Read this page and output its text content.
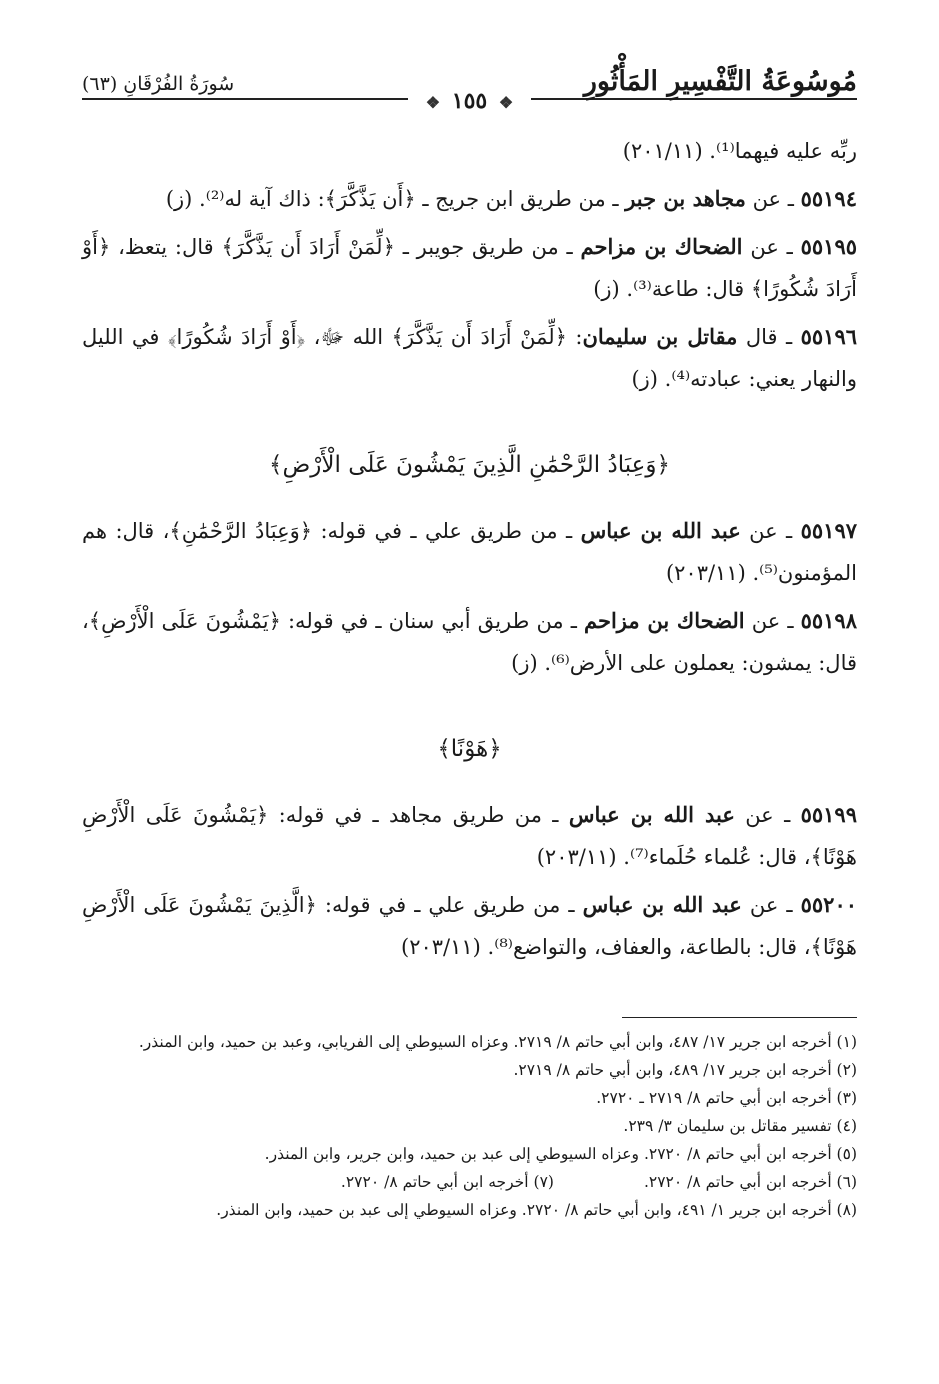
مُوسُوعَةُ التَّفْسِيرِ المَأْثُورِ
سُورَةُ الفُرْقَانِ (٦٣)
❖ ١٥٥ ❖

ربِّه عليه فيهما⁽¹⁾. (٢٠١/١١)

٥٥١٩٤ ـ عن مجاهد بن جبر ـ من طريق ابن جريج ـ ﴿أَن يَذَّكَّرَ﴾: ذاك آية له⁽²⁾. (ز)

٥٥١٩٥ ـ عن الضحاك بن مزاحم ـ من طريق جويبر ـ ﴿لِّمَنْ أَرَادَ أَن يَذَّكَّرَ﴾ قال: يتعظ، ﴿أَوْ أَرَادَ شُكُورًا﴾ قال: طاعة⁽³⁾. (ز)

٥٥١٩٦ ـ قال مقاتل بن سليمان: ﴿لِّمَنْ أَرَادَ أَن يَذَّكَّرَ﴾ الله ﷻ، ﴿أَوْ أَرَادَ شُكُورًا﴾ في الليل والنهار يعني: عبادته⁽⁴⁾. (ز)

﴿وَعِبَادُ الرَّحْمَٰنِ الَّذِينَ يَمْشُونَ عَلَى الْأَرْضِ﴾

٥٥١٩٧ ـ عن عبد الله بن عباس ـ من طريق علي ـ في قوله: ﴿وَعِبَادُ الرَّحْمَٰنِ﴾، قال: هم المؤمنون⁽⁵⁾. (٢٠٣/١١)

٥٥١٩٨ ـ عن الضحاك بن مزاحم ـ من طريق أبي سنان ـ في قوله: ﴿يَمْشُونَ عَلَى الْأَرْضِ﴾، قال: يمشون: يعملون على الأرض⁽⁶⁾. (ز)

﴿هَوْنًا﴾

٥٥١٩٩ ـ عن عبد الله بن عباس ـ من طريق مجاهد ـ في قوله: ﴿يَمْشُونَ عَلَى الْأَرْضِ هَوْنًا﴾، قال: عُلماء حُلَماء⁽⁷⁾. (٢٠٣/١١)

٥٥٢٠٠ ـ عن عبد الله بن عباس ـ من طريق علي ـ في قوله: ﴿الَّذِينَ يَمْشُونَ عَلَى الْأَرْضِ هَوْنًا﴾، قال: بالطاعة، والعفاف، والتواضع⁽⁸⁾. (٢٠٣/١١)

(١) أخرجه ابن جرير ١٧/ ٤٨٧، وابن أبي حاتم ٨/ ٢٧١٩. وعزاه السيوطي إلى الفريابي، وعبد بن حميد، وابن المنذر.

(٢) أخرجه ابن جرير ١٧/ ٤٨٩، وابن أبي حاتم ٨/ ٢٧١٩.

(٣) أخرجه ابن أبي حاتم ٨/ ٢٧١٩ ـ ٢٧٢٠.

(٤) تفسير مقاتل بن سليمان ٣/ ٢٣٩.

(٥) أخرجه ابن أبي حاتم ٨/ ٢٧٢٠. وعزاه السيوطي إلى عبد بن حميد، وابن جرير، وابن المنذر.

(٦) أخرجه ابن أبي حاتم ٨/ ٢٧٢٠.
(٧) أخرجه ابن أبي حاتم ٨/ ٢٧٢٠.

(٨) أخرجه ابن جرير ١/ ٤٩١، وابن أبي حاتم ٨/ ٢٧٢٠. وعزاه السيوطي إلى عبد بن حميد، وابن المنذر.
